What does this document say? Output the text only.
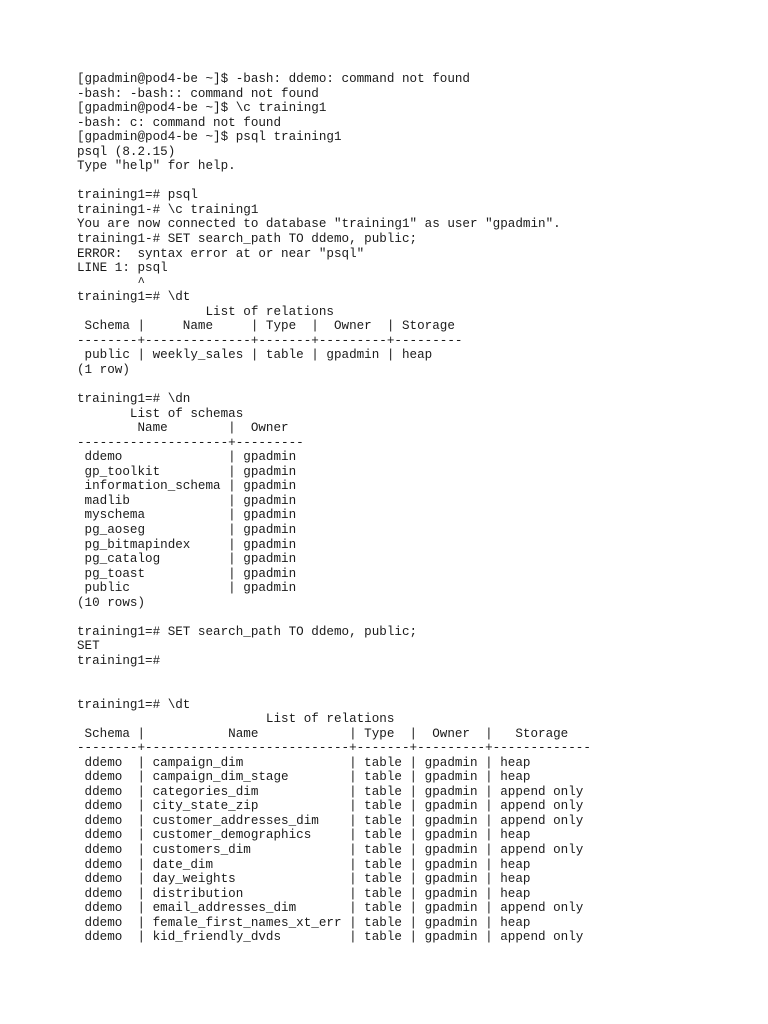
[gpadmin@pod4-be ~]$ -bash: ddemo: command not found
-bash: -bash:: command not found
[gpadmin@pod4-be ~]$ \c training1
-bash: c: command not found
[gpadmin@pod4-be ~]$ psql training1
psql (8.2.15)
Type "help" for help.
training1=# psql
training1-# \c training1
You are now connected to database "training1" as user "gpadmin".
training1-# SET search_path TO ddemo, public;
ERROR:  syntax error at or near "psql"
LINE 1: psql
^
training1=# \dt
List of relations
Schema |     Name     | Type  |  Owner  | Storage
--------+--------------+-------+---------+---------
public | weekly_sales | table | gpadmin | heap
(1 row)
training1=# \dn
List of schemas
Name        |  Owner
--------------------+---------
ddemo              | gpadmin
gp_toolkit         | gpadmin
information_schema | gpadmin
madlib             | gpadmin
myschema           | gpadmin
pg_aoseg           | gpadmin
pg_bitmapindex     | gpadmin
pg_catalog         | gpadmin
pg_toast           | gpadmin
public             | gpadmin
(10 rows)
training1=# SET search_path TO ddemo, public;
SET
training1=#
training1=# \dt
List of relations
Schema |           Name            | Type  |  Owner  |   Storage
--------+---------------------------+-------+---------+-------------
ddemo  | campaign_dim              | table | gpadmin | heap
ddemo  | campaign_dim_stage        | table | gpadmin | heap
ddemo  | categories_dim            | table | gpadmin | append only
ddemo  | city_state_zip            | table | gpadmin | append only
ddemo  | customer_addresses_dim    | table | gpadmin | append only
ddemo  | customer_demographics     | table | gpadmin | heap
ddemo  | customers_dim             | table | gpadmin | append only
ddemo  | date_dim                  | table | gpadmin | heap
ddemo  | day_weights               | table | gpadmin | heap
ddemo  | distribution              | table | gpadmin | heap
ddemo  | email_addresses_dim       | table | gpadmin | append only
ddemo  | female_first_names_xt_err | table | gpadmin | heap
ddemo  | kid_friendly_dvds         | table | gpadmin | append only
